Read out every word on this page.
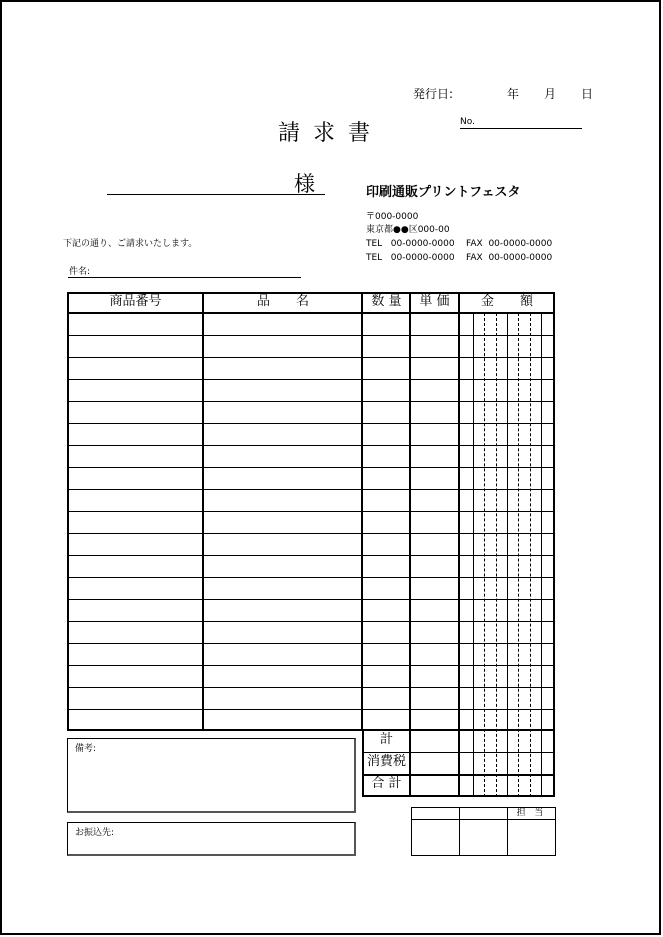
発行日:	年 月 日
No.
請求書
様	印刷通販プリントフェスタ
〒000-0000
東京都●●区000-00
TEL 00-0000-0000 FAX 00-0000-0000
TEL 00-0000-0000 FAX 00-0000-0000
下記の通り、ご請求いたします。
件名:
商品番号	品　　名	数 量	単 価	金　　額
計
消費税
合 計
備考:
お振込先:
担 当
